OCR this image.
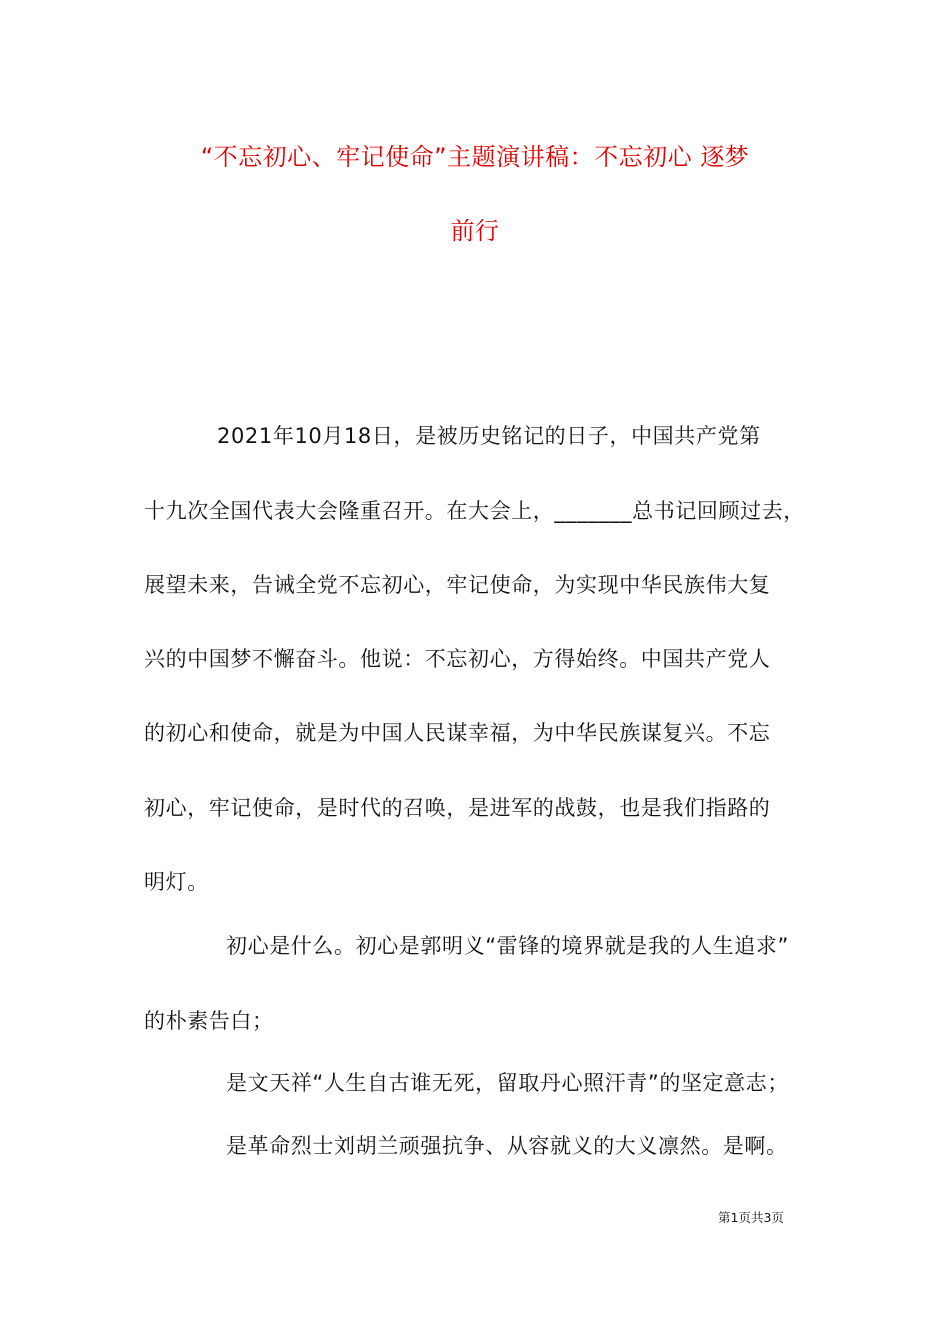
“不忘初心、牢记使命”主题演讲稿：不忘初心 逐梦
前行
2021年10月18日，是被历史铭记的日子，中国共产党第
十九次全国代表大会隆重召开。在大会上，_______总书记回顾过去，
展望未来，告诫全党不忘初心，牢记使命，为实现中华民族伟大复
兴的中国梦不懈奋斗。他说：不忘初心，方得始终。中国共产党人
的初心和使命，就是为中国人民谋幸福，为中华民族谋复兴。不忘
初心，牢记使命，是时代的召唤，是进军的战鼓，也是我们指路的
明灯。
初心是什么。初心是郭明义“雷锋的境界就是我的人生追求”
的朴素告白；
是文天祥“人生自古谁无死，留取丹心照汗青”的坚定意志；
是革命烈士刘胡兰顽强抗争、从容就义的大义凛然。是啊。
第1页共3页
